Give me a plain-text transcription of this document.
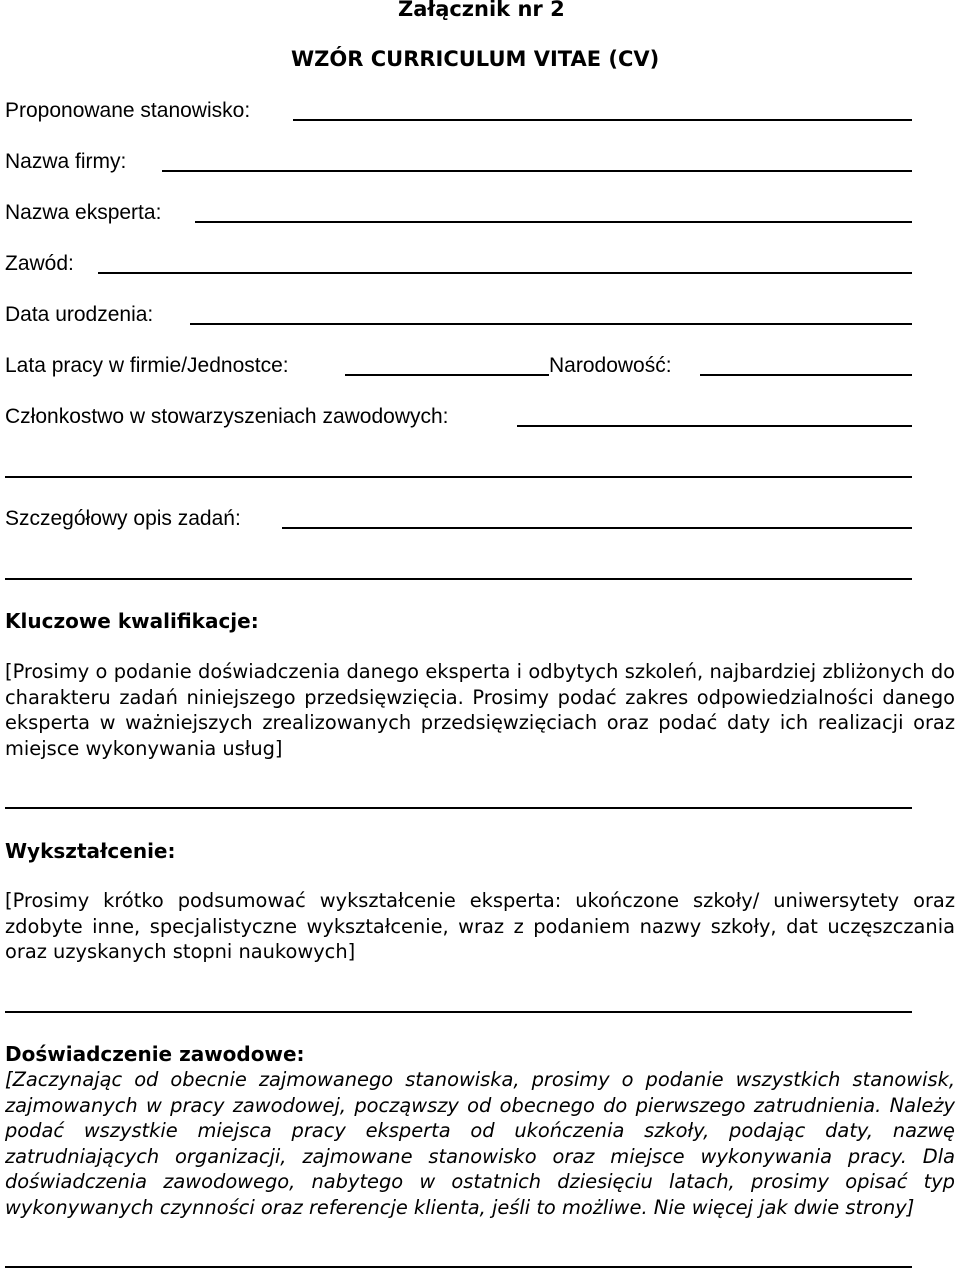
Załącznik nr 2
WZÓR CURRICULUM VITAE (CV)
Proponowane stanowisko:
Nazwa firmy:
Nazwa eksperta:
Zawód:
Data urodzenia:
Lata pracy w firmie/Jednostce:	Narodowość:
Członkostwo w stowarzyszeniach zawodowych:
Szczegółowy opis zadań:
Kluczowe kwalifikacje:
[Prosimy o podanie doświadczenia danego eksperta i odbytych szkoleń, najbardziej zbliżonych do charakteru zadań niniejszego przedsięwzięcia. Prosimy podać zakres odpowiedzialności danego eksperta w ważniejszych zrealizowanych przedsięwzięciach oraz podać daty ich realizacji oraz miejsce wykonywania usług]
Wykształcenie:
[Prosimy krótko podsumować wykształcenie eksperta: ukończone szkoły/ uniwersytety oraz zdobyte inne, specjalistyczne wykształcenie, wraz z podaniem nazwy szkoły, dat uczęszczania oraz uzyskanych stopni naukowych]
Doświadczenie zawodowe:
[Zaczynając od obecnie zajmowanego stanowiska, prosimy o podanie wszystkich stanowisk, zajmowanych w pracy zawodowej, począwszy od obecnego do pierwszego zatrudnienia. Należy podać wszystkie miejsca pracy eksperta od ukończenia szkoły, podając daty, nazwę zatrudniających organizacji, zajmowane stanowisko oraz miejsce wykonywania pracy. Dla doświadczenia zawodowego, nabytego w ostatnich dziesięciu latach, prosimy opisać typ wykonywanych czynności oraz referencje klienta, jeśli to możliwe. Nie więcej jak dwie strony]
